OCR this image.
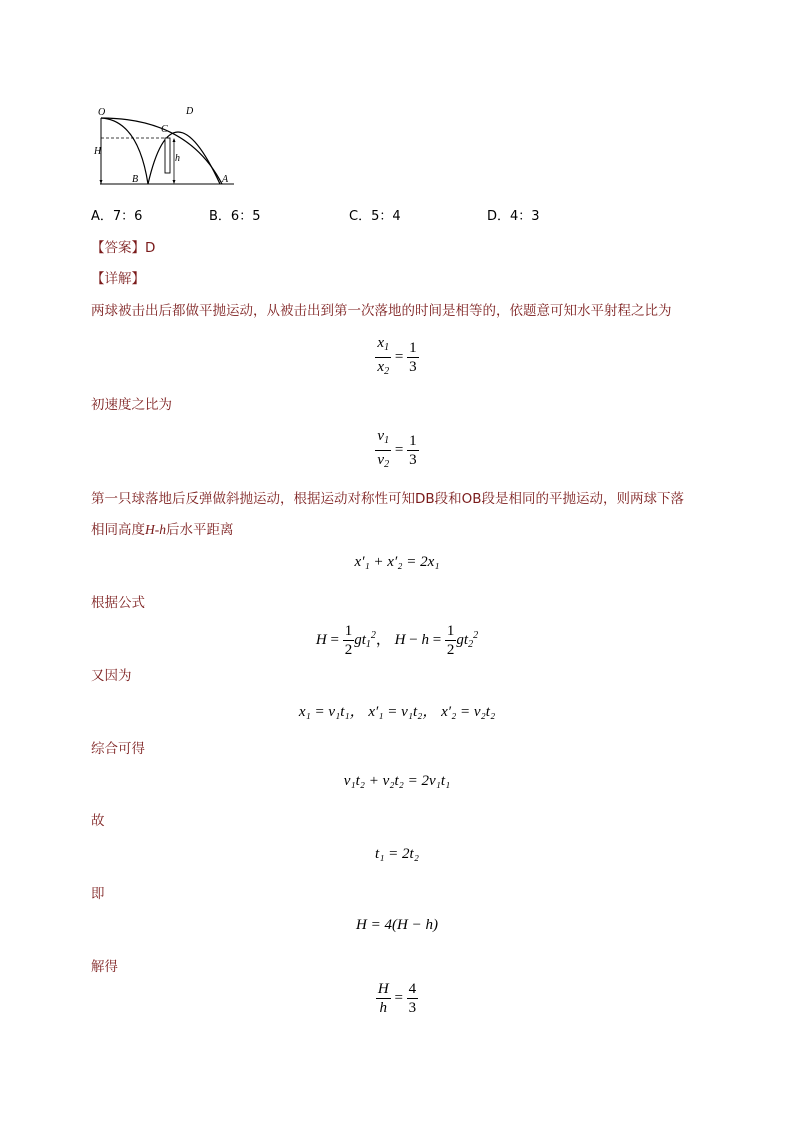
O	D
C
H
h
B	A
A．7：6	B．6：5	C．5：4	D．4：3
【答案】D
【详解】
两球被击出后都做平抛运动，从被击出到第一次落地的时间是相等的，依题意可知水平射程之比为
$\frac{x_1}{x_2} = \frac{1}{3}$
初速度之比为
$\frac{v_1}{v_2} = \frac{1}{3}$
第一只球落地后反弹做斜抛运动，根据运动对称性可知DB段和OB段是相同的平抛运动，则两球下落
相同高度H-h后水平距离
x′₁ + x′₂ = 2x₁
根据公式
$H = \frac{1}{2} gt_1^2$， $H - h = \frac{1}{2} gt_2^2$
又因为
x₁ = v₁t₁， x′₁ = v₁t₂， x′₂ = v₂t₂
综合可得
v₁t₂ + v₂t₂ = 2v₁t₁
故
t₁ = 2t₂
即
H = 4(H − h)
解得
$\frac{H}{h} = \frac{4}{3}$
